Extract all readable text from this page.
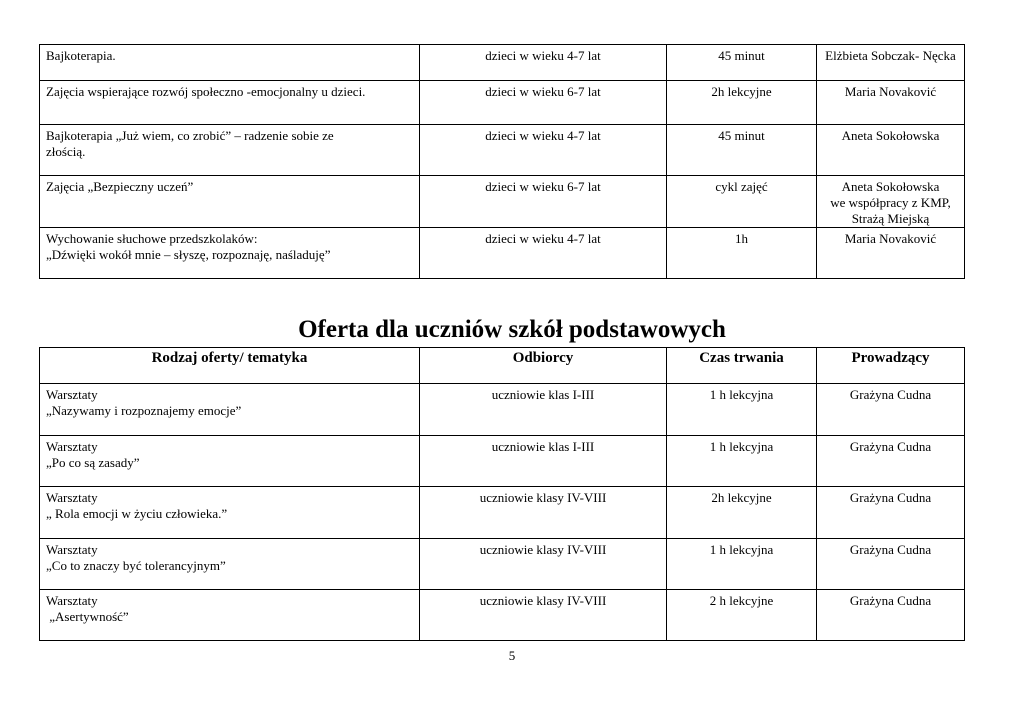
Bajkoterapia.	dzieci w wieku 4-7 lat	45 minut	Elżbieta Sobczak- Nęcka

Zajęcia wspierające rozwój społeczno -emocjonalny u dzieci.	dzieci w wieku 6-7 lat	2h lekcyjne	Maria Novaković

Bajkoterapia „Już wiem, co zrobić” – radzenie sobie ze
złością.	dzieci w wieku 4-7 lat	45 minut	Aneta Sokołowska

Zajęcia „Bezpieczny uczeń”	dzieci w wieku 6-7 lat	cykl zajęć	Aneta Sokołowska
we współpracy z KMP,
Strażą Miejską

Wychowanie słuchowe przedszkolaków:
„Dźwięki wokół mnie – słyszę, rozpoznaję, naśladuję”	dzieci w wieku 4-7 lat	1h	Maria Novaković
Oferta dla uczniów szkół podstawowych
Rodzaj oferty/ tematyka	Odbiorcy	Czas trwania	Prowadzący

Warsztaty
„Nazywamy i rozpoznajemy emocje”	uczniowie klas I-III	1 h lekcyjna	Grażyna Cudna

Warsztaty
„Po co są zasady”	uczniowie klas I-III	1 h lekcyjna	Grażyna Cudna

Warsztaty
„ Rola emocji w życiu człowieka.”	uczniowie klasy IV-VIII	2h lekcyjne	Grażyna Cudna

Warsztaty
„Co to znaczy być tolerancyjnym”	uczniowie klasy IV-VIII	1 h lekcyjna	Grażyna Cudna

Warsztaty
„Asertywność”	uczniowie klasy IV-VIII	2 h lekcyjne	Grażyna Cudna
5
